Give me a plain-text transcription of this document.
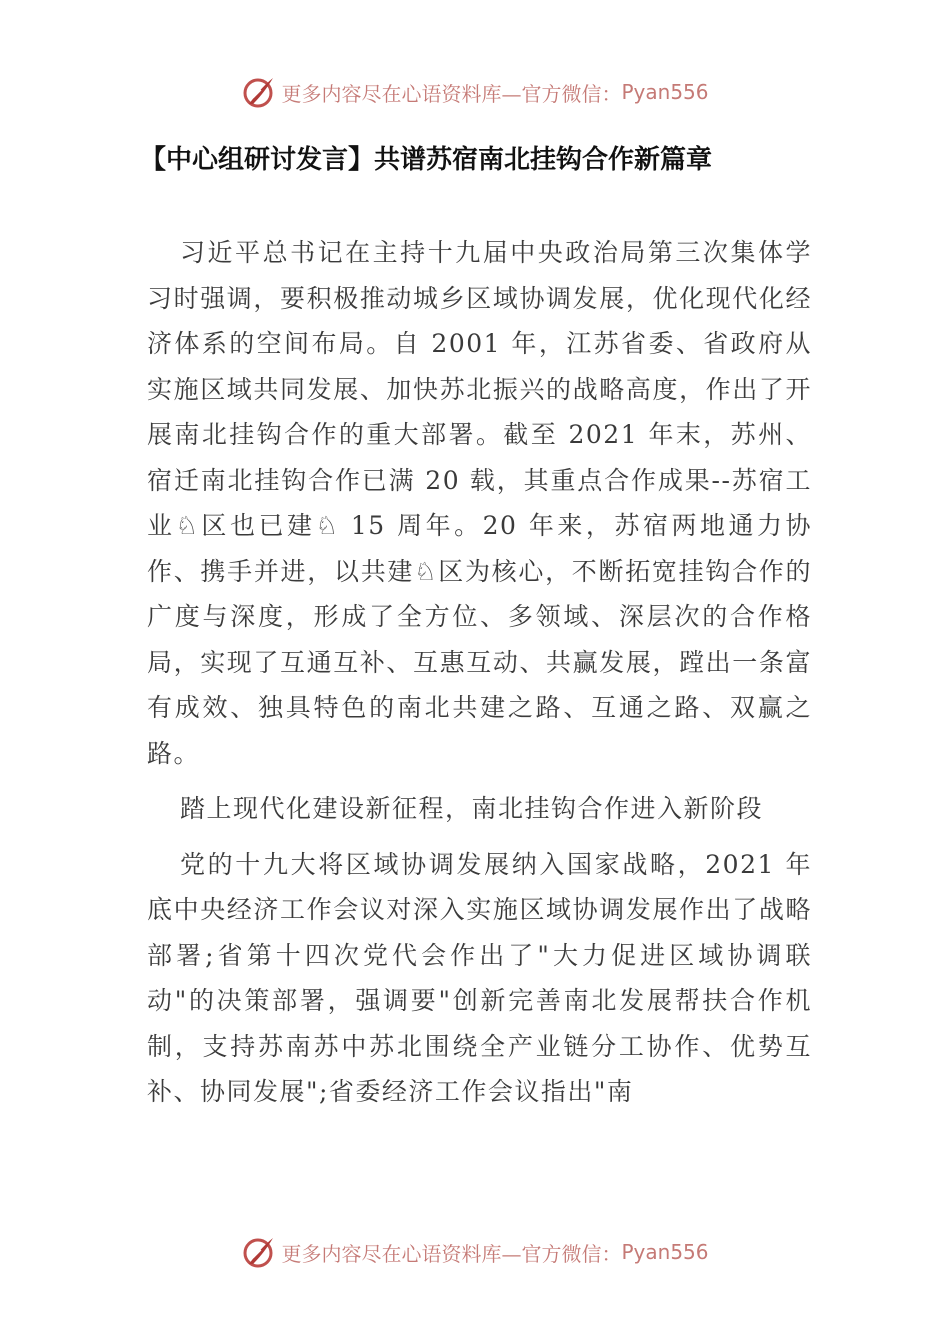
更多内容尽在心语资料库—官方微信： Pyan556
【中心组研讨发言】共谱苏宿南北挂钩合作新篇章

习近平总书记在主持十九届中央政治局第三次集体学习时强调，要积极推动城乡区域协调发展，优化现代化经济体系的空间布局。自 2001 年，江苏省委、省政府从实施区域共同发展、加快苏北振兴的战略高度，作出了开展南北挂钩合作的重大部署。截至 2021 年末，苏州、宿迁南北挂钩合作已满 20 载，其重点合作成果--苏宿工业♘区也已建♘ 15 周年。20 年来，苏宿两地通力协作、携手并进，以共建♘区为核心，不断拓宽挂钩合作的广度与深度，形成了全方位、多领域、深层次的合作格局，实现了互通互补、互惠互动、共赢发展，蹚出一条富有成效、独具特色的南北共建之路、互通之路、双赢之路。

踏上现代化建设新征程，南北挂钩合作进入新阶段

党的十九大将区域协调发展纳入国家战略，2021 年底中央经济工作会议对深入实施区域协调发展作出了战略部署;省第十四次党代会作出了"大力促进区域协调联动"的决策部署，强调要"创新完善南北发展帮扶合作机制，支持苏南苏中苏北围绕全产业链分工协作、优势互补、协同发展";省委经济工作会议指出"南

更多内容尽在心语资料库—官方微信： Pyan556
